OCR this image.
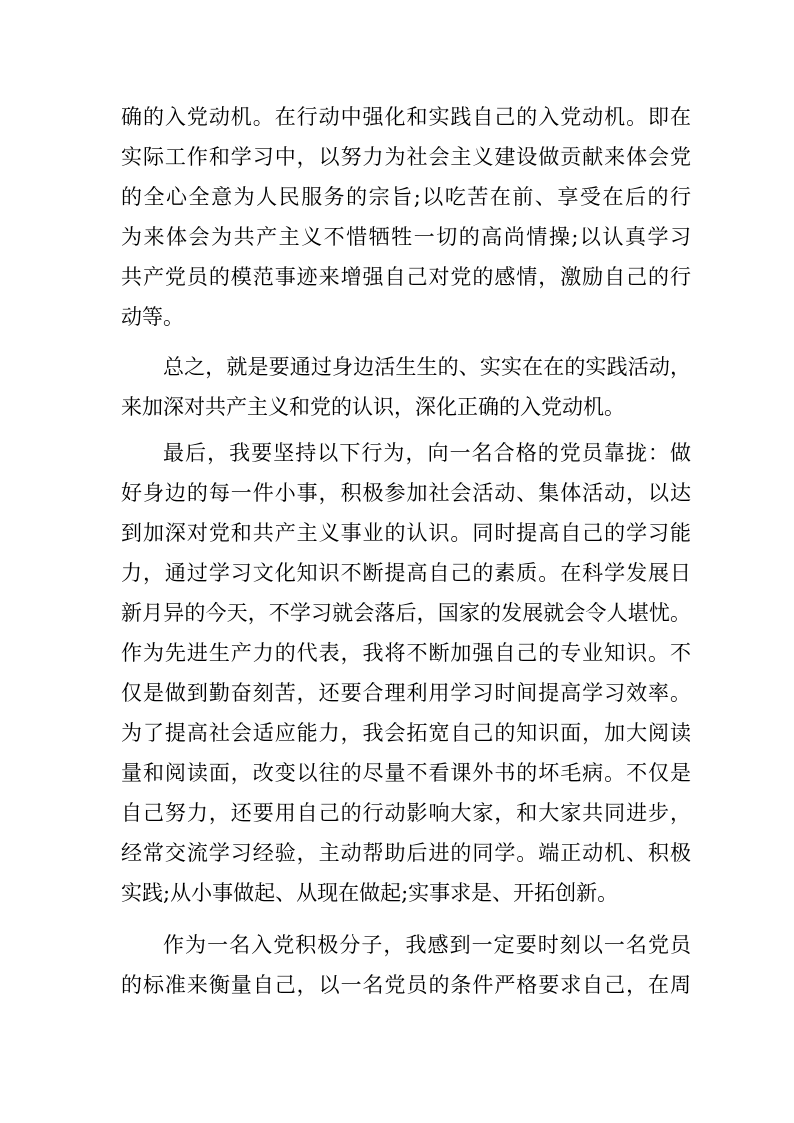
确的入党动机。在行动中强化和实践自己的入党动机。即在
实际工作和学习中，以努力为社会主义建设做贡献来体会党
的全心全意为人民服务的宗旨;以吃苦在前、享受在后的行
为来体会为共产主义不惜牺牲一切的高尚情操;以认真学习
共产党员的模范事迹来增强自己对党的感情，激励自己的行
动等。
总之，就是要通过身边活生生的、实实在在的实践活动，
来加深对共产主义和党的认识，深化正确的入党动机。
最后，我要坚持以下行为，向一名合格的党员靠拢：做
好身边的每一件小事，积极参加社会活动、集体活动，以达
到加深对党和共产主义事业的认识。同时提高自己的学习能
力，通过学习文化知识不断提高自己的素质。在科学发展日
新月异的今天，不学习就会落后，国家的发展就会令人堪忧。
作为先进生产力的代表，我将不断加强自己的专业知识。不
仅是做到勤奋刻苦，还要合理利用学习时间提高学习效率。
为了提高社会适应能力，我会拓宽自己的知识面，加大阅读
量和阅读面，改变以往的尽量不看课外书的坏毛病。不仅是
自己努力，还要用自己的行动影响大家，和大家共同进步，
经常交流学习经验，主动帮助后进的同学。端正动机、积极
实践;从小事做起、从现在做起;实事求是、开拓创新。
作为一名入党积极分子，我感到一定要时刻以一名党员
的标准来衡量自己，以一名党员的条件严格要求自己，在周
